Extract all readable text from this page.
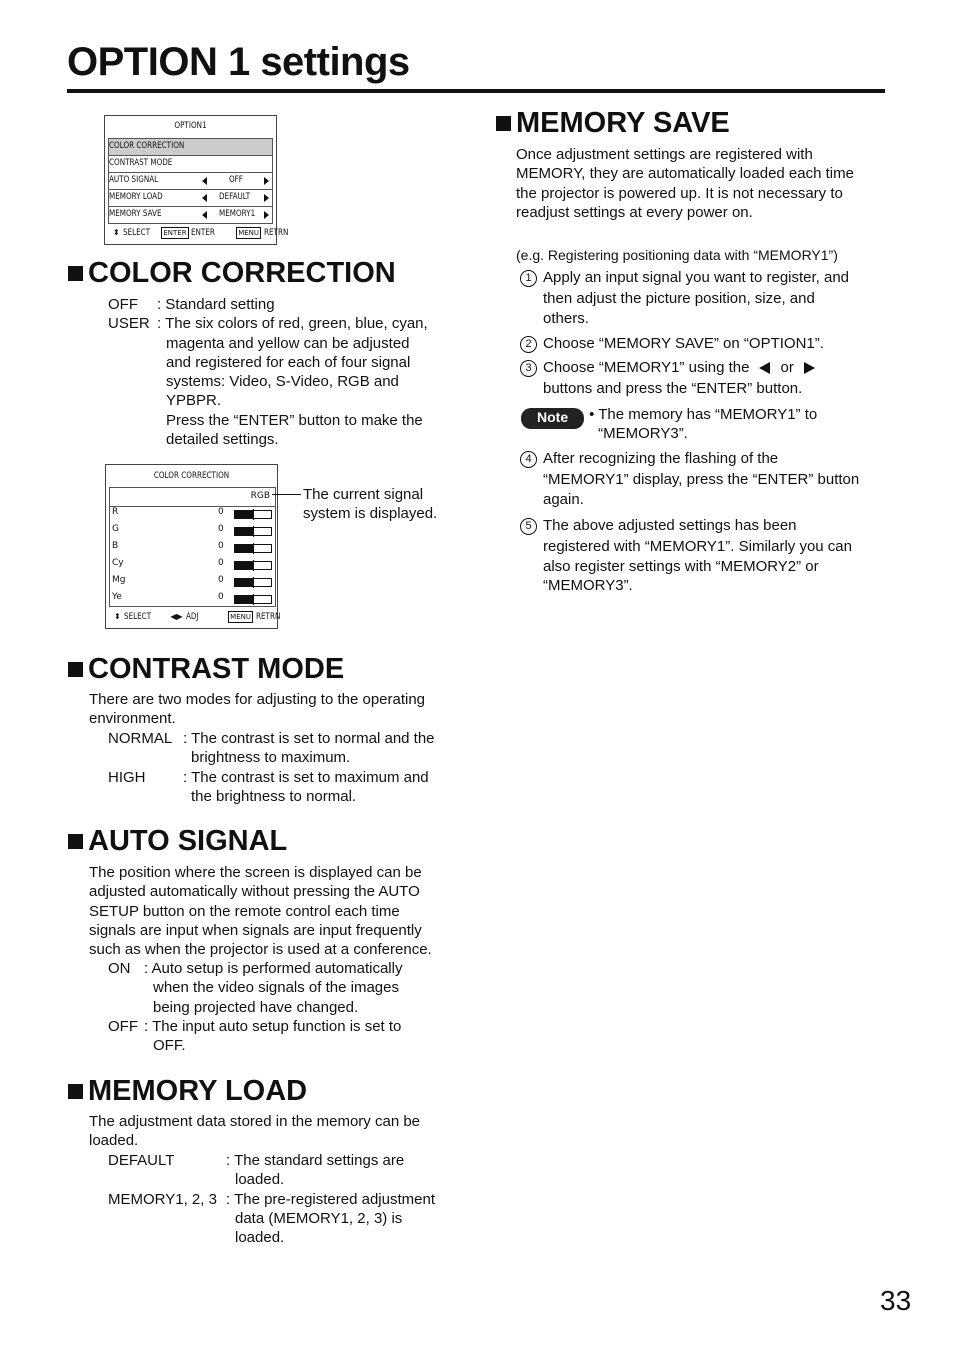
OPTION 1 settings
OPTION1
COLOR CORRECTION
CONTRAST MODE
AUTO SIGNAL	OFF
MEMORY LOAD	DEFAULT
MEMORY SAVE	MEMORY1
⬍ SELECT ENTER ENTER	MENU RETRN
COLOR CORRECTION
OFF	: Standard setting
USER : The six colors of red, green, blue, cyan,
magenta and yellow can be adjusted
and registered for each of four signal
systems: Video, S-Video, RGB and
YPBPR.
Press the “ENTER” button to make the
detailed settings.
COLOR CORRECTION
RGB
R	0
G	0
B	0
Cy	0
Mg	0
Ye	0
⬍ SELECT ◀▶ ADJ	MENU RETRN
The current signal
system is displayed.
CONTRAST MODE
There are two modes for adjusting to the operating
environment.
NORMAL : The contrast is set to normal and the
brightness to maximum.
HIGH	: The contrast is set to maximum and
the brightness to normal.
AUTO SIGNAL
The position where the screen is displayed can be
adjusted automatically without pressing the AUTO
SETUP button on the remote control each time
signals are input when signals are input frequently
such as when the projector is used at a conference.
ON : Auto setup is performed automatically
when the video signals of the images
being projected have changed.
OFF : The input auto setup function is set to
OFF.
MEMORY LOAD
The adjustment data stored in the memory can be
loaded.
DEFAULT	: The standard settings are
loaded.
MEMORY1, 2, 3 : The pre-registered adjustment
data (MEMORY1, 2, 3) is
loaded.
MEMORY SAVE
Once adjustment settings are registered with
MEMORY, they are automatically loaded each time
the projector is powered up. It is not necessary to
readjust settings at every power on.
(e.g. Registering positioning data with “MEMORY1”)
1 Apply an input signal you want to register, and
then adjust the picture position, size, and
others.
2 Choose “MEMORY SAVE” on “OPTION1”.
3 Choose “MEMORY1” using the or
buttons and press the “ENTER” button.
Note	• The memory has “MEMORY1” to
“MEMORY3”.
4 After recognizing the flashing of the
“MEMORY1” display, press the “ENTER” button
again.
5 The above adjusted settings has been
registered with “MEMORY1”. Similarly you can
also register settings with “MEMORY2” or
“MEMORY3”.
33
